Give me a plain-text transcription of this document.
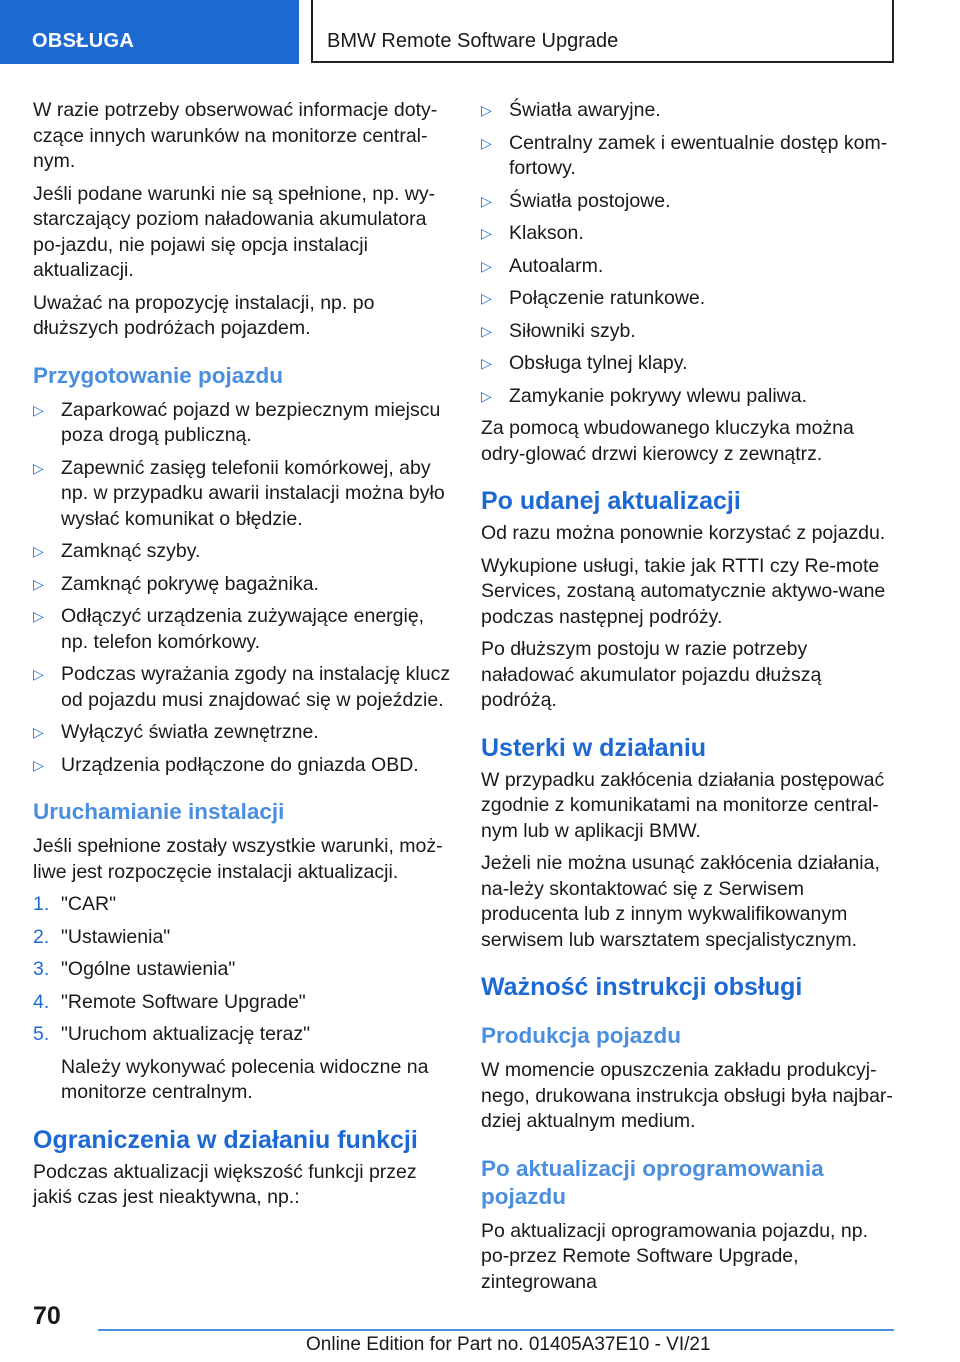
OBSŁUGA	BMW Remote Software Upgrade

W razie potrzeby obserwować informacje doty-czące innych warunków na monitorze central-nym.

Jeśli podane warunki nie są spełnione, np. wy-starczający poziom naładowania akumulatora po-jazdu, nie pojawi się opcja instalacji aktualizacji.

Uważać na propozycję instalacji, np. po dłuższych podróżach pojazdem.

Przygotowanie pojazdu
▷ Zaparkować pojazd w bezpiecznym miejscu poza drogą publiczną.
▷ Zapewnić zasięg telefonii komórkowej, aby np. w przypadku awarii instalacji można było wysłać komunikat o błędzie.
▷ Zamknąć szyby.
▷ Zamknąć pokrywę bagażnika.
▷ Odłączyć urządzenia zużywające energię, np. telefon komórkowy.
▷ Podczas wyrażania zgody na instalację klucz od pojazdu musi znajdować się w pojeździe.
▷ Wyłączyć światła zewnętrzne.
▷ Urządzenia podłączone do gniazda OBD.
Uruchamianie instalacji

Jeśli spełnione zostały wszystkie warunki, moż-liwe jest rozpoczęcie instalacji aktualizacji.

1. "CAR"
2. "Ustawienia"
3. "Ogólne ustawienia"
4. "Remote Software Upgrade"
5. "Uruchom aktualizację teraz"

Należy wykonywać polecenia widoczne na monitorze centralnym.

Ograniczenia w działaniu funkcji

Podczas aktualizacji większość funkcji przez jakiś czas jest nieaktywna, np.:

▷ Światła awaryjne.
▷ Centralny zamek i ewentualnie dostęp kom-fortowy.
▷ Światła postojowe.
▷ Klakson.
▷ Autoalarm.
▷ Połączenie ratunkowe.
▷ Siłowniki szyb.
▷ Obsługa tylnej klapy.
▷ Zamykanie pokrywy wlewu paliwa.

Za pomocą wbudowanego kluczyka można odry-glować drzwi kierowcy z zewnątrz.

Po udanej aktualizacji

Od razu można ponownie korzystać z pojazdu.

Wykupione usługi, takie jak RTTI czy Re-mote Services, zostaną automatycznie aktywo-wane podczas następnej podróży.

Po dłuższym postoju w razie potrzeby naładować akumulator pojazdu dłuższą podróżą.

Usterki w działaniu

W przypadku zakłócenia działania postępować zgodnie z komunikatami na monitorze central-nym lub w aplikacji BMW.

Jeżeli nie można usunąć zakłócenia działania, na-leży skontaktować się z Serwisem producenta lub z innym wykwalifikowanym serwisem lub warsztatem specjalistycznym.

Ważność instrukcji obsługi
Produkcja pojazdu

W momencie opuszczenia zakładu produkcyj-nego, drukowana instrukcja obsługi była najbar-dziej aktualnym medium.

Po aktualizacji oprogramowania pojazdu

Po aktualizacji oprogramowania pojazdu, np. po-przez Remote Software Upgrade, zintegrowana

70
Online Edition for Part no. 01405A37E10 - VI/21
